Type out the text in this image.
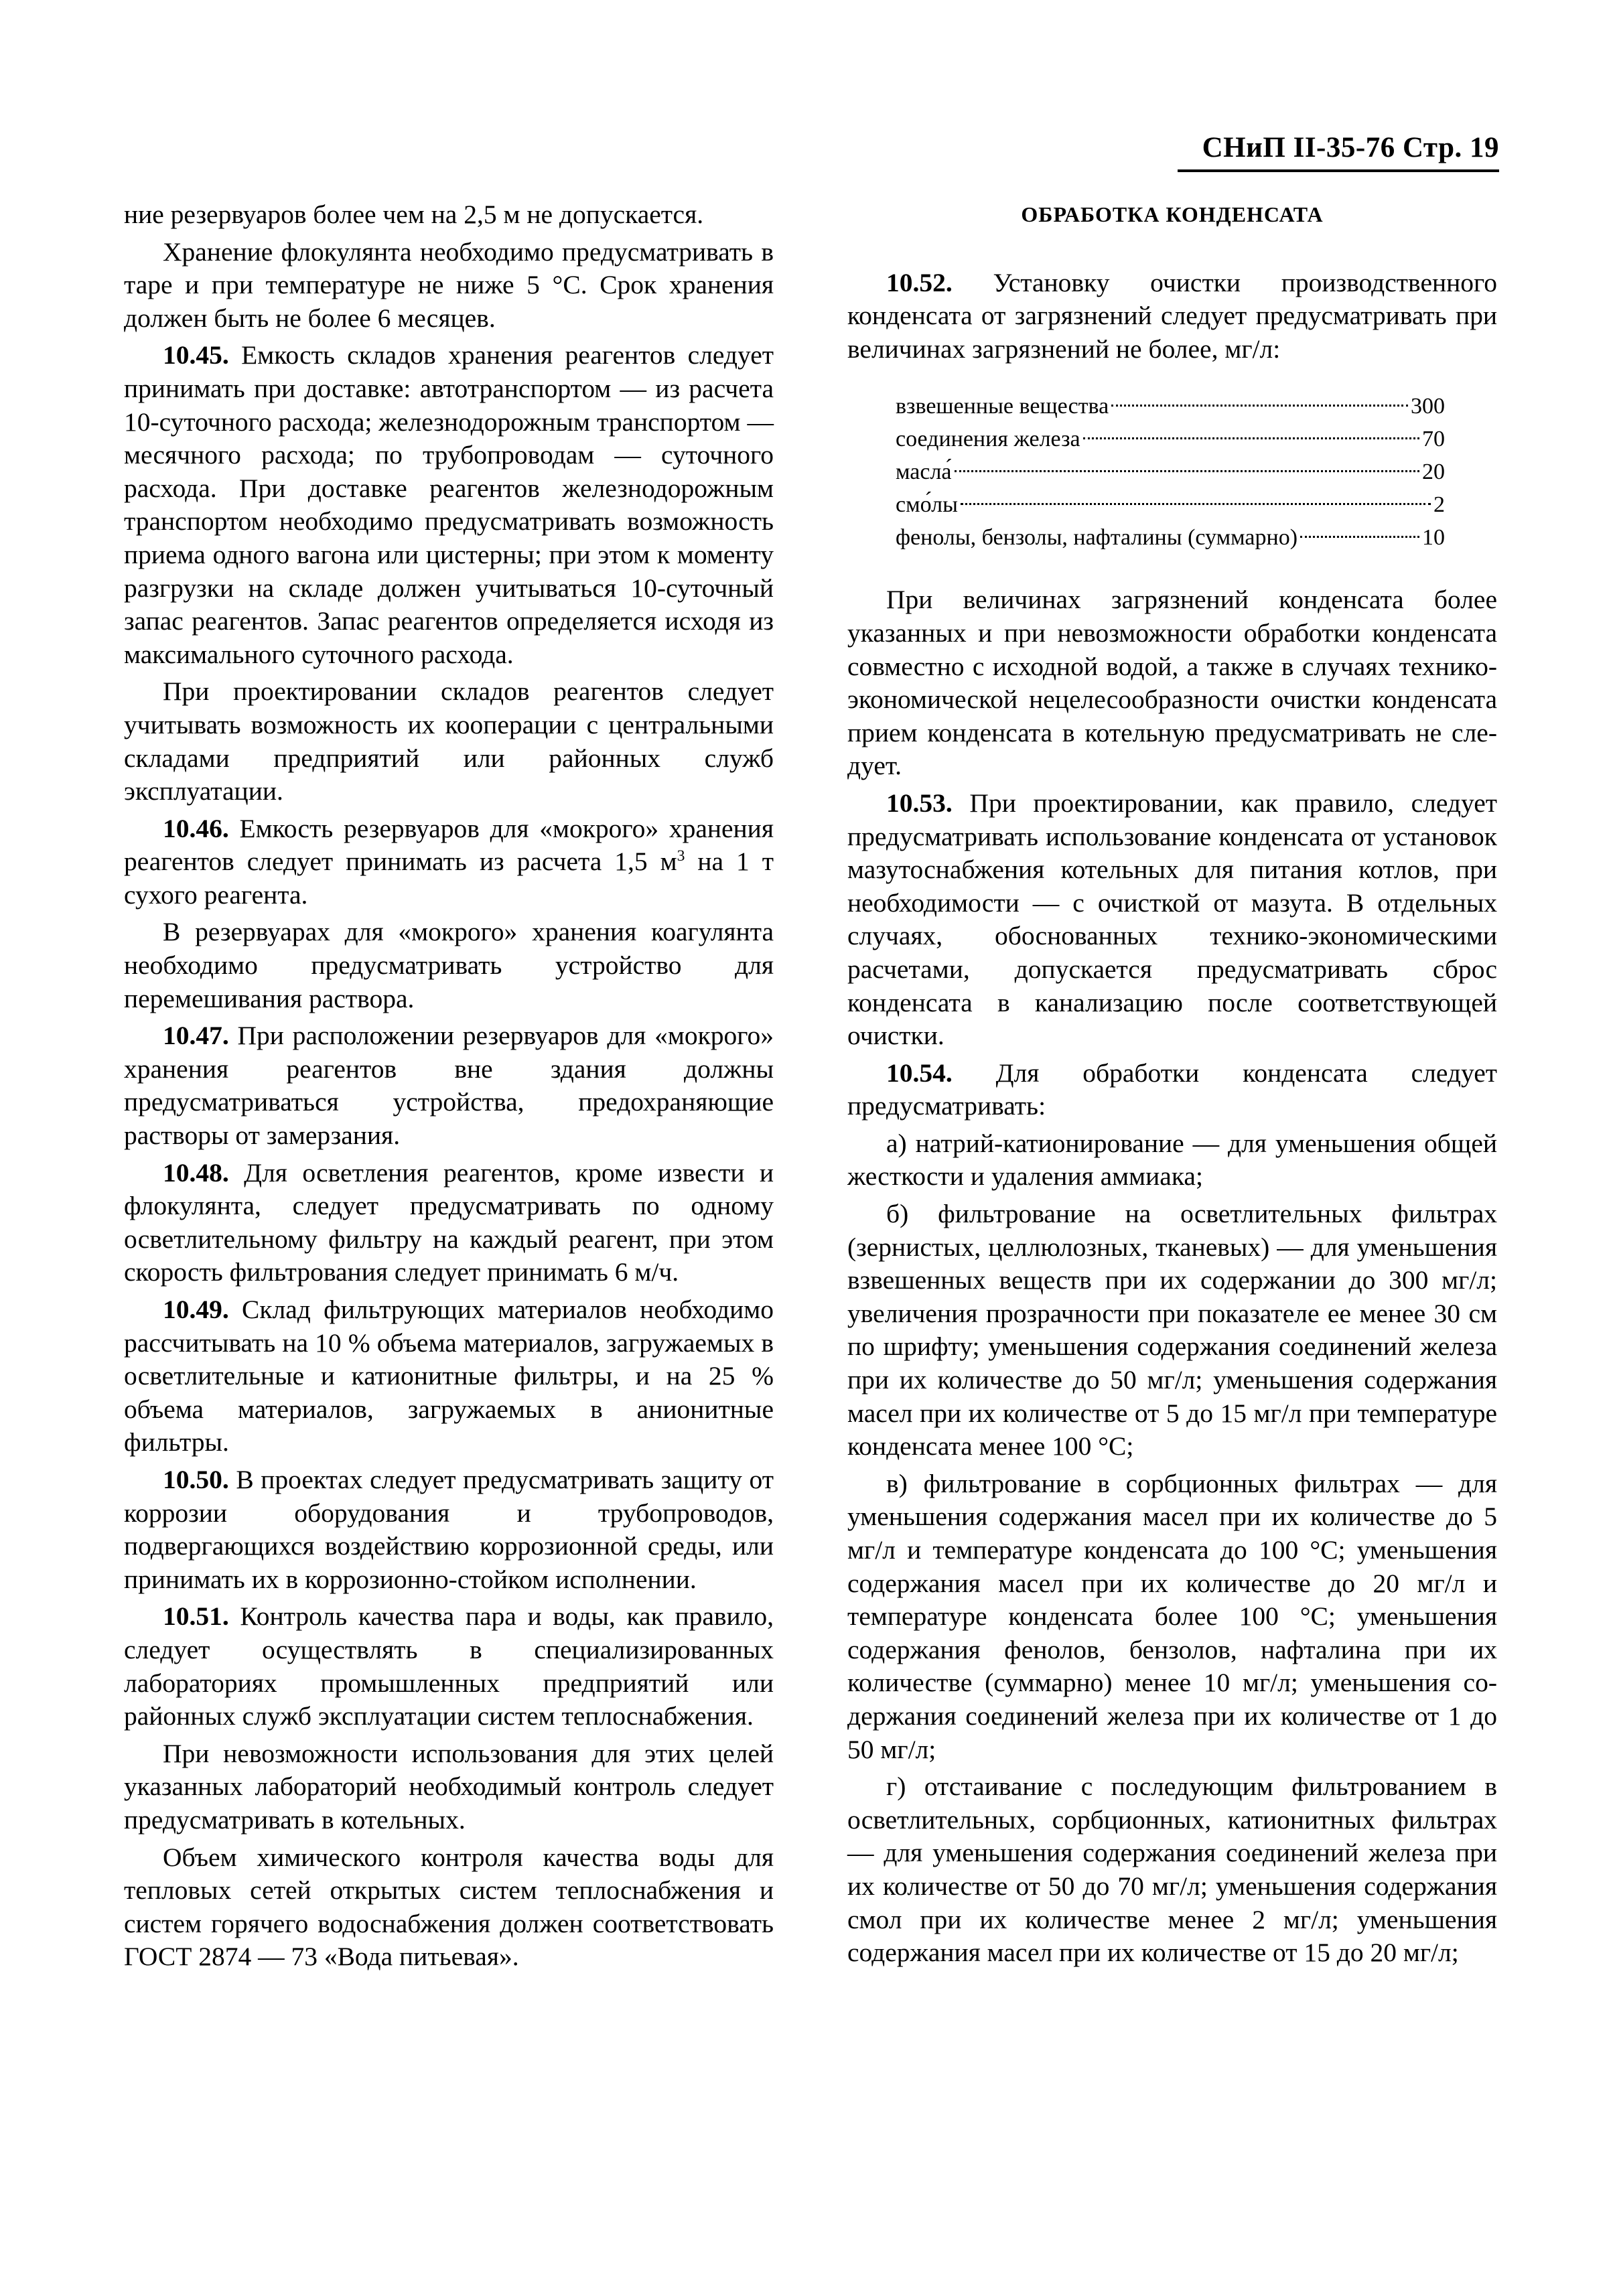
СНиП II-35-76 Стр. 19

ние резервуаров более чем на 2,5 м не допускается.

Хранение флокулянта необходимо предусматривать в таре и при температуре не ниже 5 °С. Срок хранения должен быть не более 6 месяцев.

10.45. Емкость складов хранения реагентов следует принимать при доставке: автотранспортом — из расчета 10-суточного расхода; железнодорожным транспортом — месячного расхода; по трубопроводам — суточного расхода. При доставке реагентов железнодорожным транспортом необходимо предусматривать возможность приема одного вагона или цистерны; при этом к моменту разгрузки на складе должен учитываться 10-суточный запас реагентов. Запас реагентов определяется исходя из максимального суточного расхода.

При проектировании складов реагентов следует учитывать возможность их кооперации с центральными складами предприятий или районных служб эксплуатации.

10.46. Емкость резервуаров для «мокрого» хранения реагентов следует принимать из расчета 1,5 $м^3$ на 1 т сухого реагента.

В резервуарах для «мокрого» хранения коагулянта необходимо предусматривать устройство для перемешивания раствора.

10.47. При расположении резервуаров для «мокрого» хранения реагентов вне здания должны предусматриваться устройства, предохраняющие растворы от замерзания.

10.48. Для осветления реагентов, кроме извести и флокулянта, следует предусматривать по одному осветлительному фильтру на каждый реагент, при этом скорость фильтрования следует принимать 6 м/ч.

10.49. Склад фильтрующих материалов необходимо рассчитывать на 10 % объема материалов, загружаемых в осветлительные и катионитные фильтры, и на 25 % объема материалов, загружаемых в анионитные фильтры.

10.50. В проектах следует предусматривать защиту от коррозии оборудования и трубопроводов, подвергающихся воздействию коррозионной среды, или принимать их в коррозионно-стойком исполнении.

10.51. Контроль качества пара и воды, как правило, следует осуществлять в специализированных лабораториях промышленных предприятий или районных служб эксплуатации систем теплоснабжения.

При невозможности использования для этих целей указанных лабораторий необходимый контроль следует предусматривать в котельных.

Объем химического контроля качества воды для тепловых сетей открытых систем теплоснабжения и систем горячего водоснабжения должен соответствовать ГОСТ 2874 — 73 «Вода питьевая».

ОБРАБОТКА КОНДЕНСАТА

10.52. Установку очистки производственного конденсата от загрязнений следует предусматривать при величинах загрязнений не более, мг/л:

взвешенные вещества	300
соединения железа	70
масла́	20
смо́лы	2
фенолы, бензолы, нафталины (суммарно)	10

При величинах загрязнений конденсата более указанных и при невозможности обработки конденсата совместно с исходной водой, а также в случаях технико-экономической нецелесообразности очистки конденсата прием конденсата в котельную предусматривать не следует.

10.53. При проектировании, как правило, следует предусматривать использование конденсата от установок мазутоснабжения котельных для питания котлов, при необходимости — с очисткой от мазута. В отдельных случаях, обоснованных технико-экономическими расчетами, допускается предусматривать сброс конденсата в канализацию после соответствующей очистки.

10.54. Для обработки конденсата следует предусматривать:

а) натрий-катионирование — для уменьшения общей жесткости и удаления аммиака;

б) фильтрование на осветлительных фильтрах (зернистых, целлюлозных, тканевых) — для уменьшения взвешенных веществ при их содержании до 300 мг/л; увеличения прозрачности при показателе ее менее 30 см по шрифту; уменьшения содержания соединений железа при их количестве до 50 мг/л; уменьшения содержания масел при их количестве от 5 до 15 мг/л при температуре конденсата менее 100 °С;

в) фильтрование в сорбционных фильтрах — для уменьшения содержания масел при их количестве до 5 мг/л и температуре конденсата до 100 °С; уменьшения содержания масел при их количестве до 20 мг/л и температуре конденсата более 100 °С; уменьшения содержания фенолов, бензолов, нафталина при их количестве (суммарно) менее 10 мг/л; уменьшения содержания соединений железа при их количестве от 1 до 50 мг/л;

г) отстаивание с последующим фильтрованием в осветлительных, сорбционных, катионитных фильтрах — для уменьшения содержания соединений железа при их количестве от 50 до 70 мг/л; уменьшения содержания смол при их количестве менее 2 мг/л; уменьшения содержания масел при их количестве от 15 до 20 мг/л;
